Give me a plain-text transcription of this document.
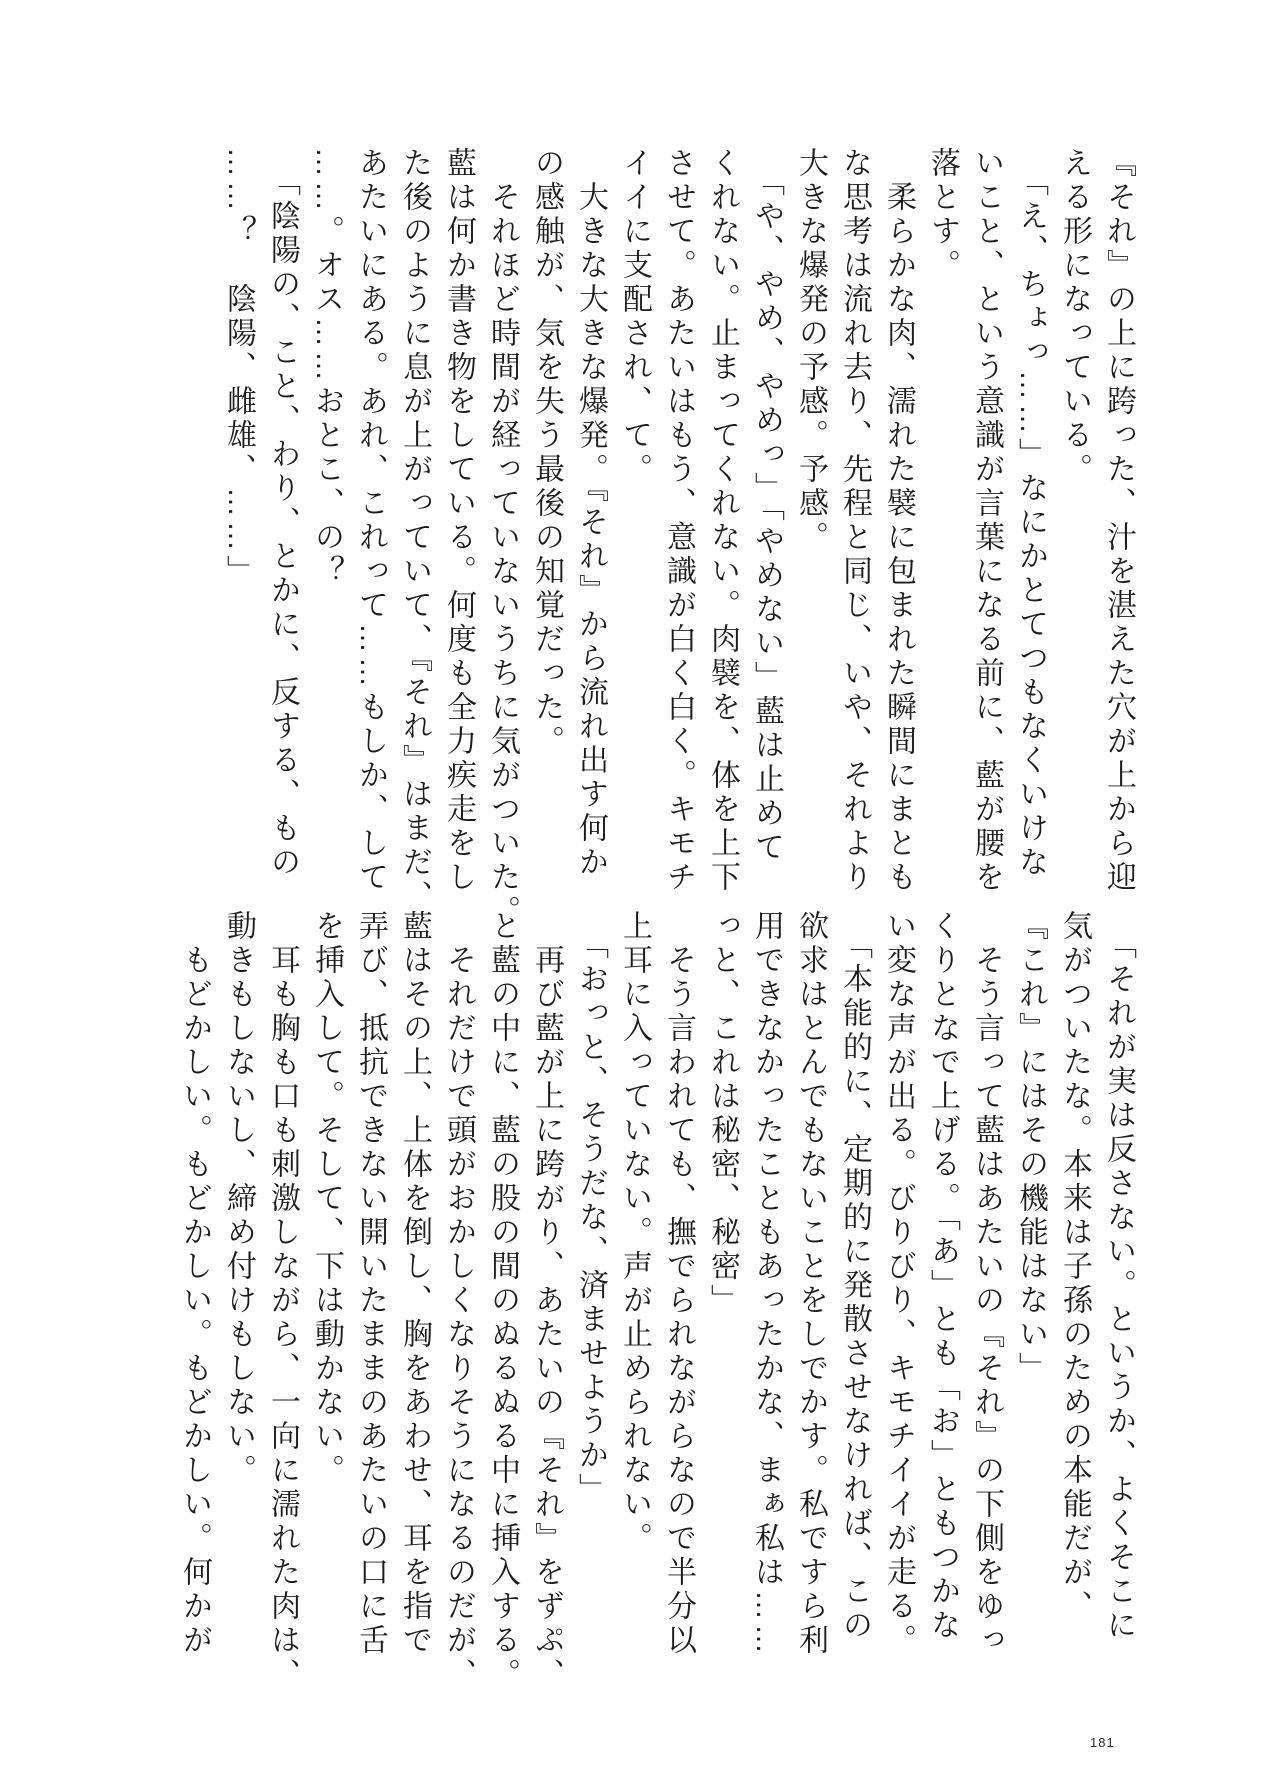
『それ』の上に跨った、汁を湛えた穴が上から迎
える形になっている。
　「え、ちょっ……」なにかとてつもなくいけな
いこと、という意識が言葉になる前に、藍が腰を
落とす。
　柔らかな肉、濡れた襞に包まれた瞬間にまとも
な思考は流れ去り、先程と同じ、いや、それより
大きな爆発の予感。予感。
　「や、やめ、やめっ」「やめない」藍は止めて
くれない。止まってくれない。肉襞を、体を上下
させて。あたいはもう、意識が白く白く。キモチ
イイに支配され、て。
　大きな大きな爆発。『それ』から流れ出す何か
の感触が、気を失う最後の知覚だった。
　それほど時間が経っていないうちに気がついた。
藍は何か書き物をしている。何度も全力疾走をし
た後のように息が上がっていて、『それ』はまだ、
あたいにある。あれ、これって……もしか、して
……。オス……おとこ、の？
　「陰陽の、こと、わり、とかに、反する、もの
……？　陰陽、雌雄、……」
　「それが実は反さない。というか、よくそこに
気がついたな。本来は子孫のための本能だが、
『これ』にはその機能はない」
　そう言って藍はあたいの『それ』の下側をゆっ
くりとなで上げる。「あ」とも「お」ともつかな
い変な声が出る。びりびり、キモチイイが走る。
　「本能的に、定期的に発散させなければ、この
欲求はとんでもないことをしでかす。私ですら利
用できなかったこともあったかな、まぁ私は……
っと、これは秘密、秘密」
　そう言われても、撫でられながらなので半分以
上耳に入っていない。声が止められない。
　「おっと、そうだな、済ませようか」
　再び藍が上に跨がり、あたいの『それ』をずぷ、
と藍の中に、藍の股の間のぬるぬる中に挿入する。
　それだけで頭がおかしくなりそうになるのだが、
藍はその上、上体を倒し、胸をあわせ、耳を指で
弄び、抵抗できない開いたままのあたいの口に舌
を挿入して。そして、下は動かない。
　耳も胸も口も刺激しながら、一向に濡れた肉は、
動きもしないし、締め付けもしない。
　もどかしい。もどかしい。もどかしい。何かが
181
